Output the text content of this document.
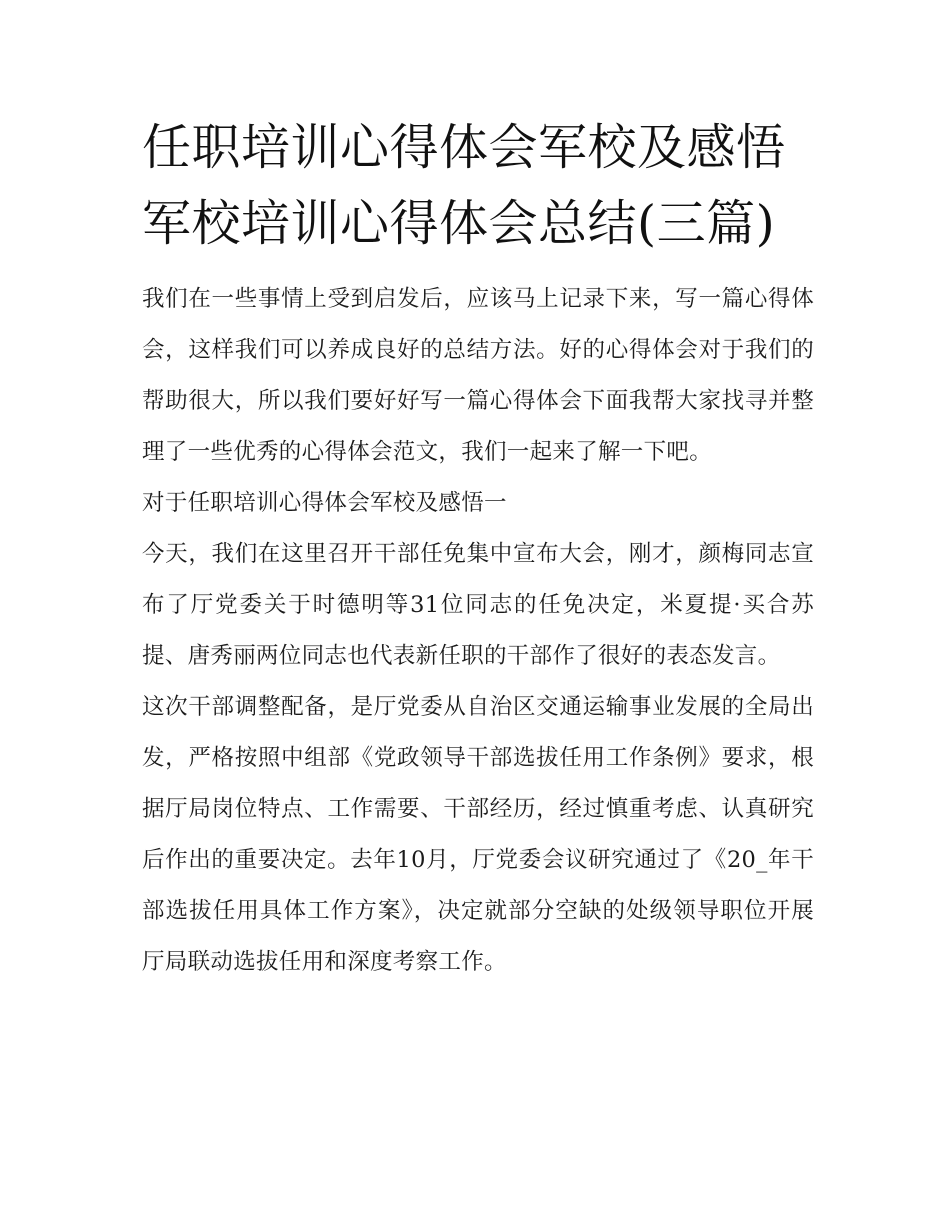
任职培训心得体会军校及感悟
军校培训心得体会总结(三篇)

我们在一些事情上受到启发后，应该马上记录下来，写一篇心得体会，这样我们可以养成良好的总结方法。好的心得体会对于我们的帮助很大，所以我们要好好写一篇心得体会下面我帮大家找寻并整理了一些优秀的心得体会范文，我们一起来了解一下吧。

对于任职培训心得体会军校及感悟一

今天，我们在这里召开干部任免集中宣布大会，刚才，颜梅同志宣布了厅党委关于时德明等31位同志的任免决定，米夏提·买合苏提、唐秀丽两位同志也代表新任职的干部作了很好的表态发言。

这次干部调整配备，是厅党委从自治区交通运输事业发展的全局出发，严格按照中组部《党政领导干部选拔任用工作条例》要求，根据厅局岗位特点、工作需要、干部经历，经过慎重考虑、认真研究后作出的重要决定。去年10月，厅党委会议研究通过了《20_年干部选拔任用具体工作方案》，决定就部分空缺的处级领导职位开展厅局联动选拔任用和深度考察工作。
